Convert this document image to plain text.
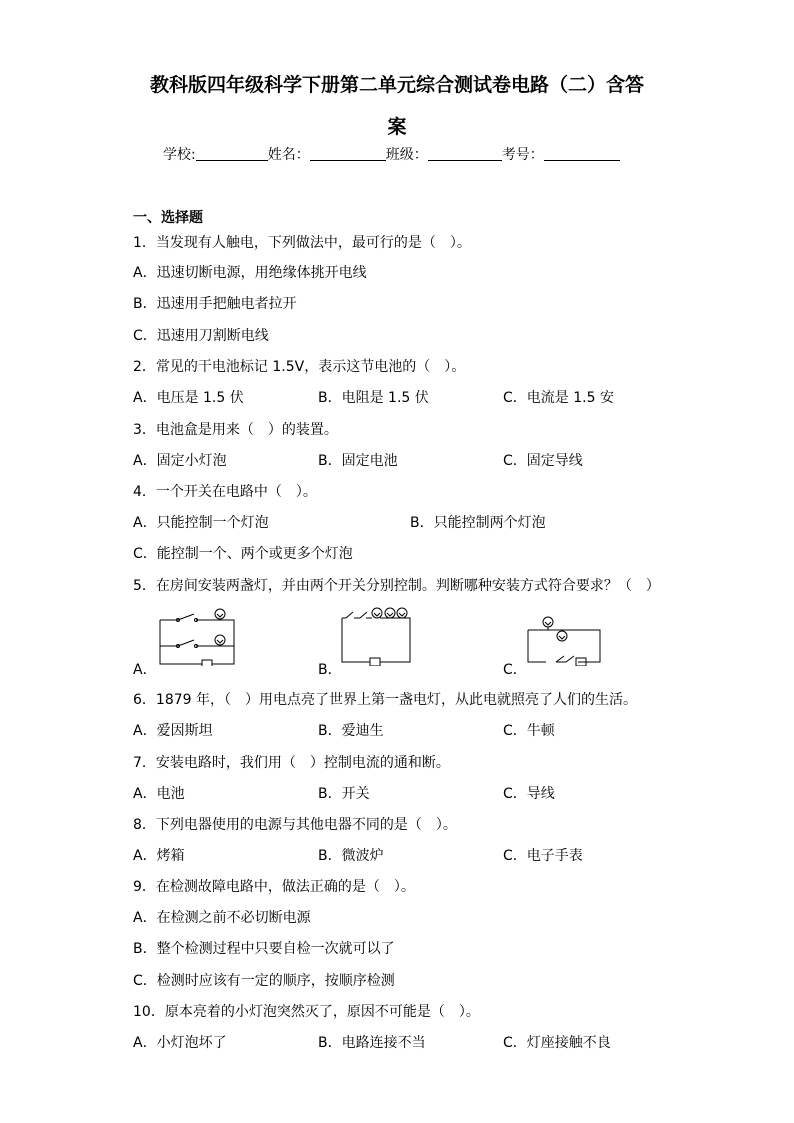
教科版四年级科学下册第二单元综合测试卷电路（二）含答
案
学校:	姓名：	班级：	考号：
一、选择题
1．当发现有人触电，下列做法中，最可行的是（　）。
A．迅速切断电源，用绝缘体挑开电线
B．迅速用手把触电者拉开
C．迅速用刀割断电线
2．常见的干电池标记 1.5V，表示这节电池的（　）。
A．电压是 1.5 伏	B．电阻是 1.5 伏	C．电流是 1.5 安
3．电池盒是用来（　）的装置。
A．固定小灯泡	B．固定电池	C．固定导线
4．一个开关在电路中（　）。
A．只能控制一个灯泡	B．只能控制两个灯泡
C．能控制一个、两个或更多个灯泡
5．在房间安装两盏灯，并由两个开关分别控制。判断哪种安装方式符合要求？（　）
A．	B．	C．
6．1879 年，（　）用电点亮了世界上第一盏电灯，从此电就照亮了人们的生活。
A．爱因斯坦	B．爱迪生	C．牛顿
7．安装电路时，我们用（　）控制电流的通和断。
A．电池	B．开关	C．导线
8．下列电器使用的电源与其他电器不同的是（　）。
A．烤箱	B．微波炉	C．电子手表
9．在检测故障电路中，做法正确的是（　）。
A．在检测之前不必切断电源
B．整个检测过程中只要自检一次就可以了
C．检测时应该有一定的顺序，按顺序检测
10．原本亮着的小灯泡突然灭了，原因不可能是（　）。
A．小灯泡坏了	B．电路连接不当	C．灯座接触不良
